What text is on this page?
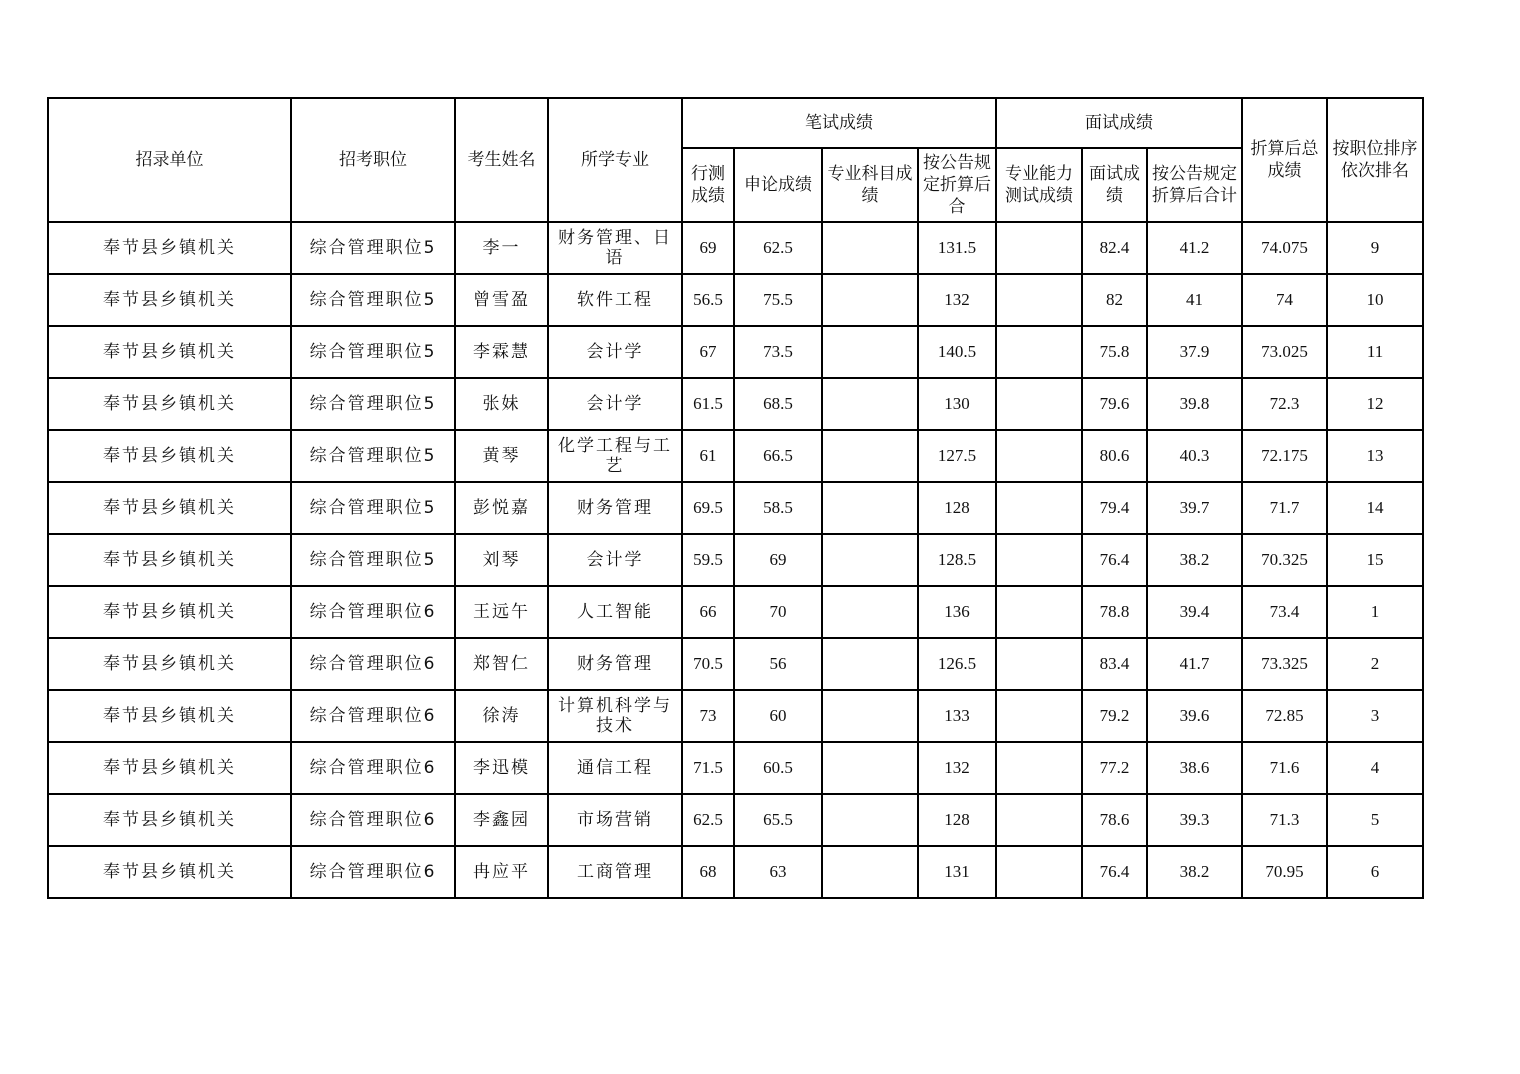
招录单位	招考职位	考生姓名	所学专业	笔试成绩				面试成绩			折算后总成绩	按职位排序依次排名
				行测成绩	申论成绩	专业科目成绩	按公告规定折算后合	专业能力测试成绩	面试成绩	按公告规定折算后合计		
奉节县乡镇机关	综合管理职位5	李一	财务管理、日语	69	62.5		131.5		82.4	41.2	74.075	9
奉节县乡镇机关	综合管理职位5	曾雪盈	软件工程	56.5	75.5		132		82	41	74	10
奉节县乡镇机关	综合管理职位5	李霖慧	会计学	67	73.5		140.5		75.8	37.9	73.025	11
奉节县乡镇机关	综合管理职位5	张妹	会计学	61.5	68.5		130		79.6	39.8	72.3	12
奉节县乡镇机关	综合管理职位5	黄琴	化学工程与工艺	61	66.5		127.5		80.6	40.3	72.175	13
奉节县乡镇机关	综合管理职位5	彭悦嘉	财务管理	69.5	58.5		128		79.4	39.7	71.7	14
奉节县乡镇机关	综合管理职位5	刘琴	会计学	59.5	69		128.5		76.4	38.2	70.325	15
奉节县乡镇机关	综合管理职位6	王远午	人工智能	66	70		136		78.8	39.4	73.4	1
奉节县乡镇机关	综合管理职位6	郑智仁	财务管理	70.5	56		126.5		83.4	41.7	73.325	2
奉节县乡镇机关	综合管理职位6	徐涛	计算机科学与技术	73	60		133		79.2	39.6	72.85	3
奉节县乡镇机关	综合管理职位6	李迅模	通信工程	71.5	60.5		132		77.2	38.6	71.6	4
奉节县乡镇机关	综合管理职位6	李鑫园	市场营销	62.5	65.5		128		78.6	39.3	71.3	5
奉节县乡镇机关	综合管理职位6	冉应平	工商管理	68	63		131		76.4	38.2	70.95	6
